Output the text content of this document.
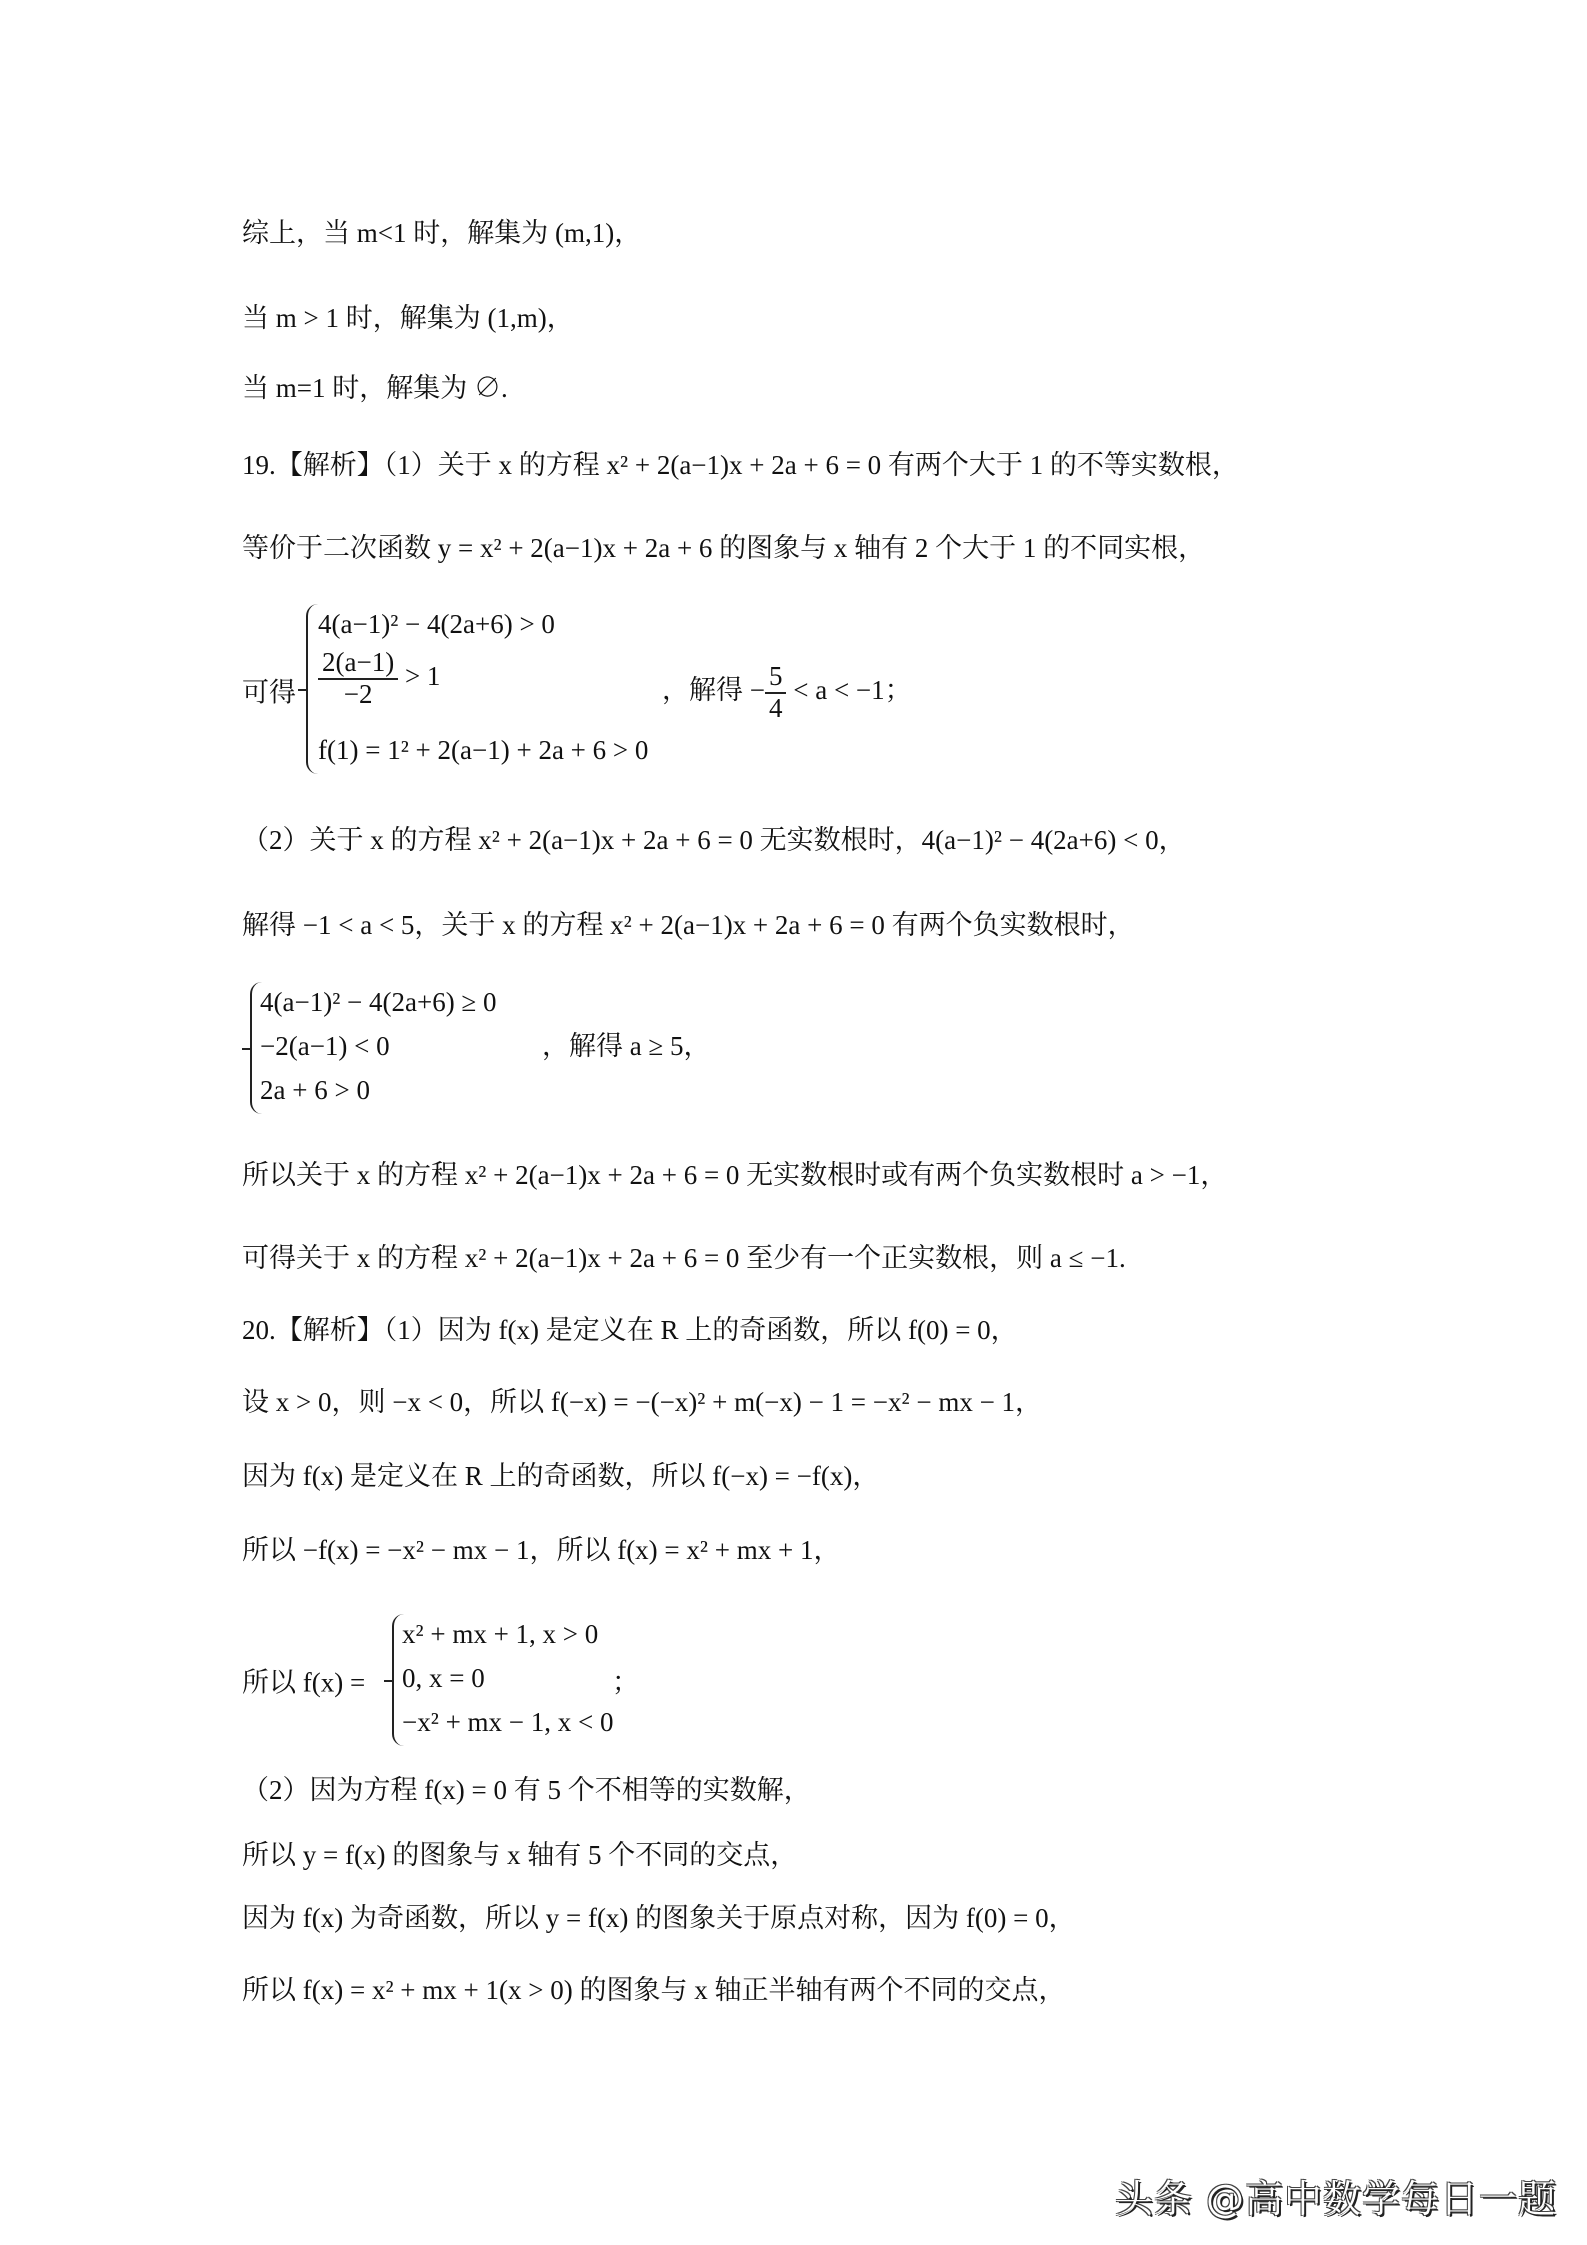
综上，当 m<1 时，解集为 (m,1)，
当 m > 1 时，解集为 (1,m)，
当 m=1 时，解集为 ∅.
19.【解析】（1）关于 x 的方程 x² + 2(a−1)x + 2a + 6 = 0 有两个大于 1 的不等实数根，
等价于二次函数 y = x² + 2(a−1)x + 2a + 6 的图象与 x 轴有 2 个大于 1 的不同实根，
可得
4(a−1)² − 4(2a+6) > 0
$\frac{2(a-1)}{-2} > 1$
f(1) = 1² + 2(a−1) + 2a + 6 > 0
，解得 − $\frac{5}{4} < a < -1$；
（2）关于 x 的方程 x² + 2(a−1)x + 2a + 6 = 0 无实数根时，4(a−1)² − 4(2a+6) < 0，
解得 −1 < a < 5，关于 x 的方程 x² + 2(a−1)x + 2a + 6 = 0 有两个负实数根时，
4(a−1)² − 4(2a+6) ≥ 0
−2(a−1) < 0
2a + 6 > 0
，解得 a ≥ 5，
所以关于 x 的方程 x² + 2(a−1)x + 2a + 6 = 0 无实数根时或有两个负实数根时 a > −1，
可得关于 x 的方程 x² + 2(a−1)x + 2a + 6 = 0 至少有一个正实数根，则 a ≤ −1.
20.【解析】（1）因为 f(x) 是定义在 R 上的奇函数，所以 f(0) = 0，
设 x > 0，则 −x < 0，所以 f(−x) = −(−x)² + m(−x) − 1 = −x² − mx − 1，
因为 f(x) 是定义在 R 上的奇函数，所以 f(−x) = −f(x)，
所以 −f(x) = −x² − mx − 1，所以 f(x) = x² + mx + 1，
所以 f(x) =
x² + mx + 1, x > 0
0, x = 0
−x² + mx − 1, x < 0
；
（2）因为方程 f(x) = 0 有 5 个不相等的实数解，
所以 y = f(x) 的图象与 x 轴有 5 个不同的交点，
因为 f(x) 为奇函数，所以 y = f(x) 的图象关于原点对称，因为 f(0) = 0，
所以 f(x) = x² + mx + 1(x > 0) 的图象与 x 轴正半轴有两个不同的交点，
头条 @高中数学每日一题
